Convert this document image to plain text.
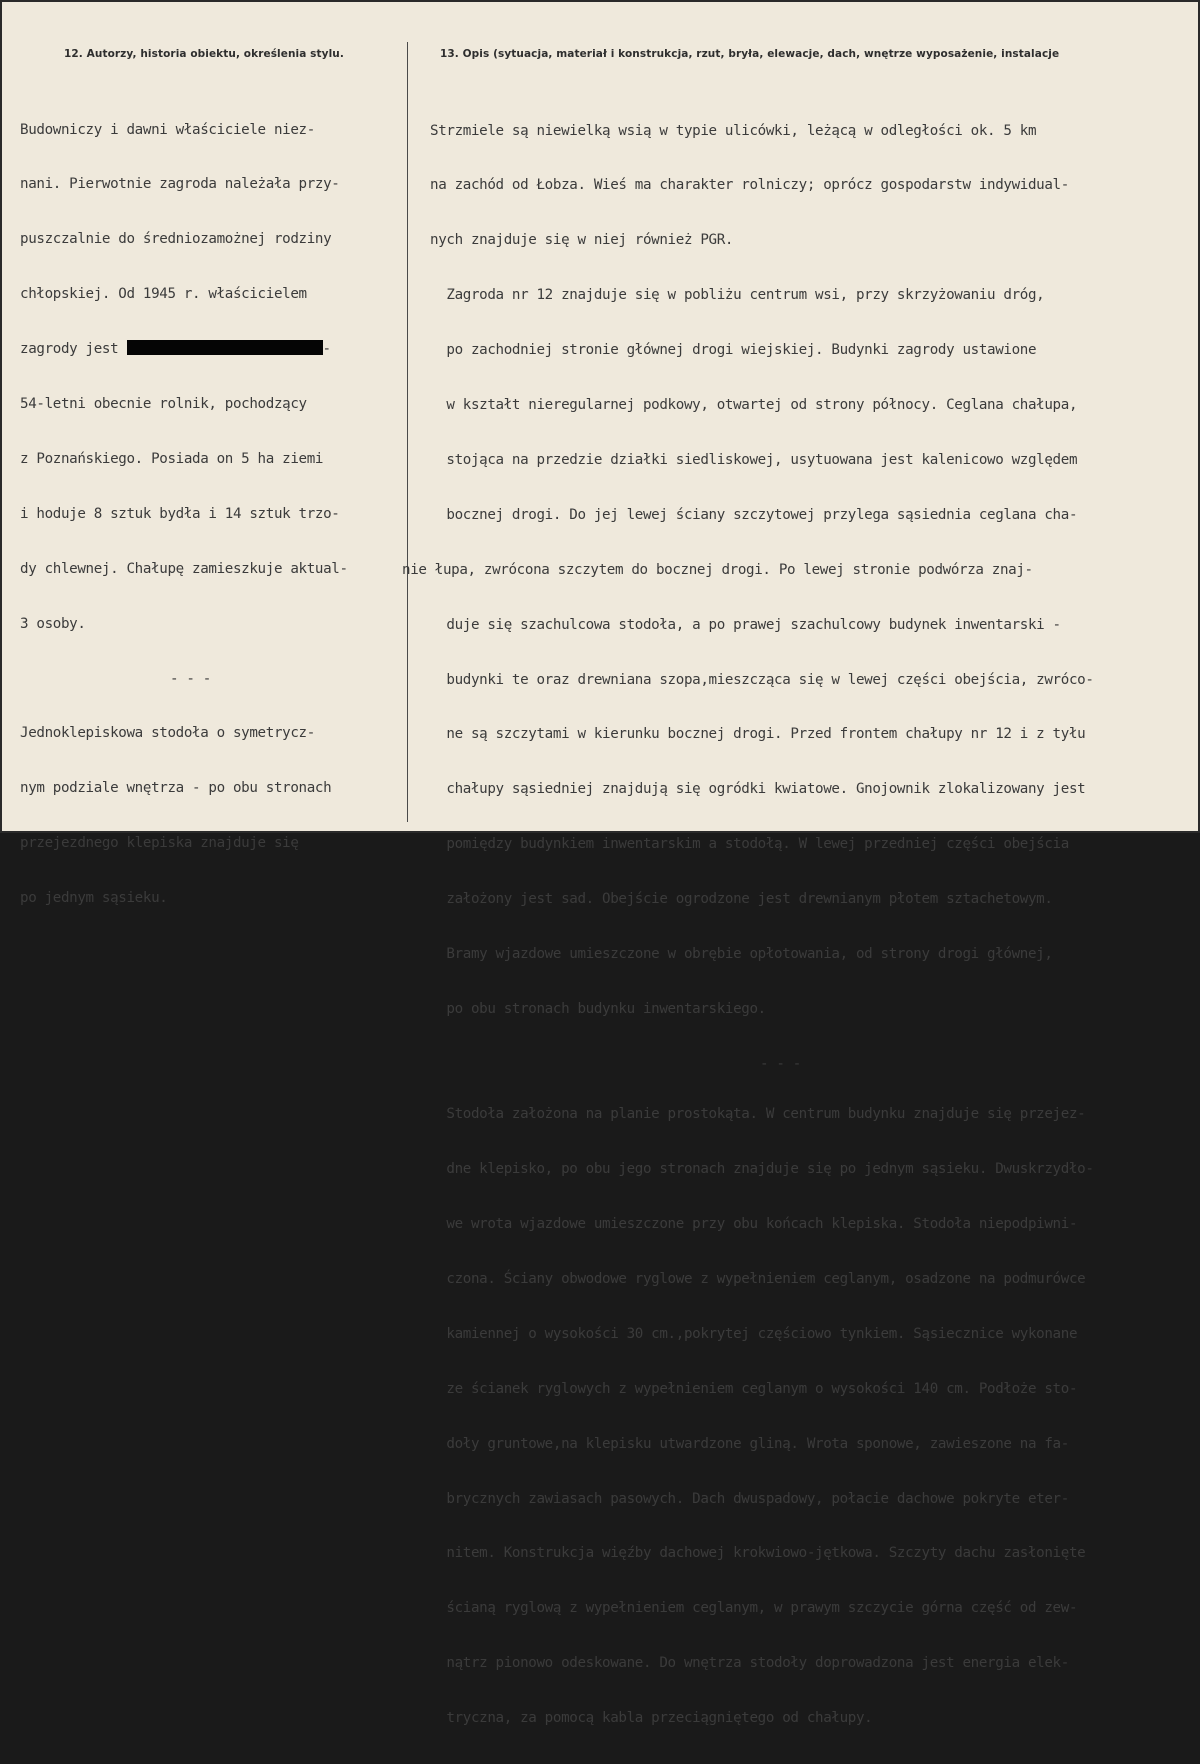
12. Autorzy, historia obiektu, określenia stylu.	13. Opis (sytuacja, materiał i konstrukcja, rzut, bryła, elewacje, dach, wnętrze wyposażenie, instalacje

Budowniczy i dawni właściciele niez-

nani. Pierwotnie zagroda należała przy-

puszczalnie do średniozamożnej rodziny

chłopskiej. Od 1945 r. właścicielem

zagrody jest	-

54-letni obecnie rolnik, pochodzący

z Poznańskiego. Posiada on 5 ha ziemi

i hoduje 8 sztuk bydła i 14 sztuk trzo-

dy chlewnej. Chałupę zamieszkuje aktual-

3 osoby.

- - -

Jednoklepiskowa stodoła o symetrycz-

nym podziale wnętrza - po obu stronach

przejezdnego klepiska znajduje się

po jednym sąsieku.

Strzmiele są niewielką wsią w typie ulicówki, leżącą w odległości ok. 5 km

na zachód od Łobza. Wieś ma charakter rolniczy; oprócz gospodarstw indywidual-

nych znajduje się w niej również PGR.

Zagroda nr 12 znajduje się w pobliżu centrum wsi, przy skrzyżowaniu dróg,

po zachodniej stronie głównej drogi wiejskiej. Budynki zagrody ustawione

w kształt nieregularnej podkowy, otwartej od strony północy. Ceglana chałupa,

stojąca na przedzie działki siedliskowej, usytuowana jest kalenicowo względem

bocznej drogi. Do jej lewej ściany szczytowej przylega sąsiednia ceglana cha-

nie łupa, zwrócona szczytem do bocznej drogi. Po lewej stronie podwórza znaj-

duje się szachulcowa stodoła, a po prawej szachulcowy budynek inwentarski -

budynki te oraz drewniana szopa,mieszcząca się w lewej części obejścia, zwróco-

ne są szczytami w kierunku bocznej drogi. Przed frontem chałupy nr 12 i z tyłu

chałupy sąsiedniej znajdują się ogródki kwiatowe. Gnojownik zlokalizowany jest

pomiędzy budynkiem inwentarskim a stodołą. W lewej przedniej części obejścia

założony jest sad. Obejście ogrodzone jest drewnianym płotem sztachetowym.

Bramy wjazdowe umieszczone w obrębie opłotowania, od strony drogi głównej,

po obu stronach budynku inwentarskiego.

- - -

Stodoła założona na planie prostokąta. W centrum budynku znajduje się przejez-

dne klepisko, po obu jego stronach znajduje się po jednym sąsieku. Dwuskrzydło-

we wrota wjazdowe umieszczone przy obu końcach klepiska. Stodoła niepodpiwni-

czona. Ściany obwodowe ryglowe z wypełnieniem ceglanym, osadzone na podmurówce

kamiennej o wysokości 30 cm.,pokrytej częściowo tynkiem. Sąsiecznice wykonane

ze ścianek ryglowych z wypełnieniem ceglanym o wysokości 140 cm. Podłoże sto-

doły gruntowe,na klepisku utwardzone gliną. Wrota sponowe, zawieszone na fa-

brycznych zawiasach pasowych. Dach dwuspadowy, połacie dachowe pokryte eter-

nitem. Konstrukcja więźby dachowej krokwiowo-jętkowa. Szczyty dachu zasłonięte

ścianą ryglową z wypełnieniem ceglanym, w prawym szczycie górna część od zew-

nątrz pionowo odeskowane. Do wnętrza stodoły doprowadzona jest energia elek-

tryczna, za pomocą kabla przeciągniętego od chałupy.
